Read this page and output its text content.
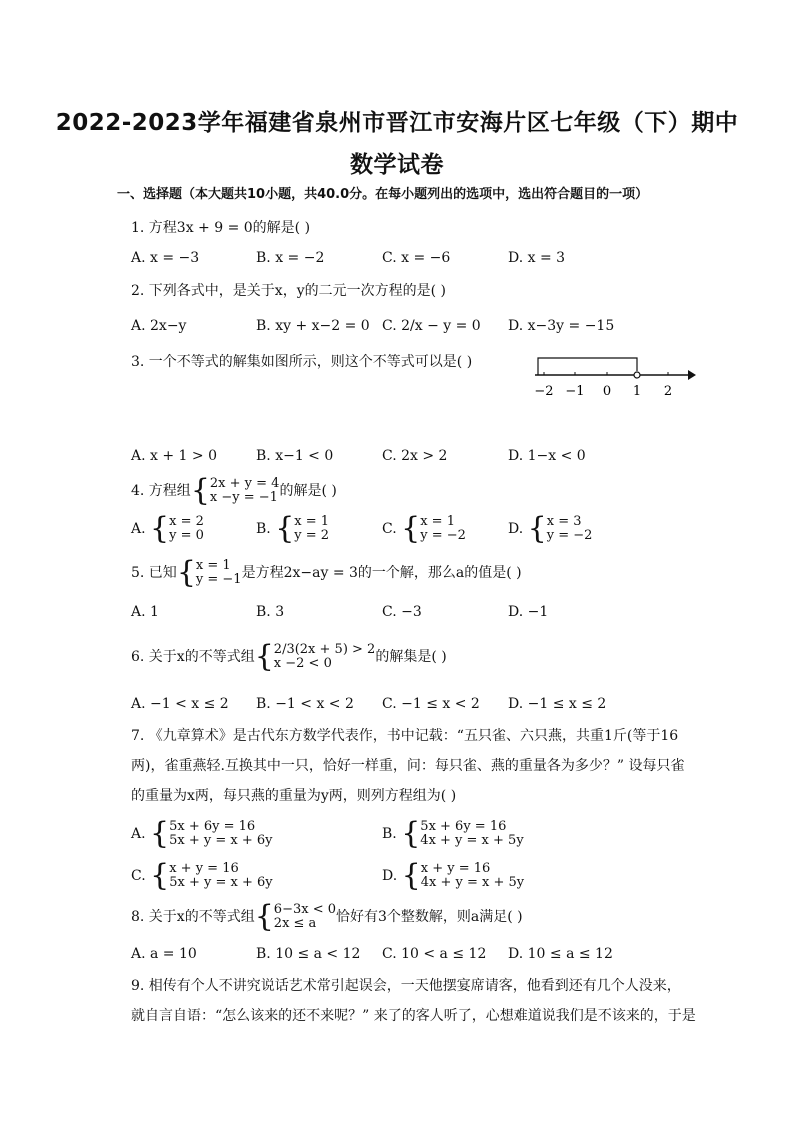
2022-2023学年福建省泉州市晋江市安海片区七年级（下）期中
数学试卷
一、选择题（本大题共10小题，共40.0分。在每小题列出的选项中，选出符合题目的一项）
1. 方程3x + 9 = 0的解是( )
A. x = −3	B. x = −2	C. x = −6	D. x = 3
2. 下列各式中，是关于x，y的二元一次方程的是( )
A. 2x−y	B. xy + x−2 = 0 C. 2/x − y = 0 D. x−3y = −15
3. 一个不等式的解集如图所示，则这个不等式可以是( )
−2 −1 0 1 2
A. x + 1 > 0	B. x−1 < 0	C. 2x > 2	D. 1−x < 0
4. 方程组{2x + y = 4
x −y = −1 的解是( )
A. {x = 2
y = 0	B. {x = 1
y = 2	C. {x = 1
y = −2	D. {x = 3
y = −2
5. 已知{x = 1
y = −1是方程2x−ay = 3的一个解，那么a的值是( )
A. 1	B. 3	C. −3	D. −1
6. 关于x的不等式组{2/3(2x + 5) > 2
x −2 < 0	的解集是( )
A. −1 < x ≤ 2 B. −1 < x < 2 C. −1 ≤ x < 2 D. −1 ≤ x ≤ 2
7. 《九章算术》是古代东方数学代表作，书中记载：“五只雀、六只燕，共重1斤(等于16
两)，雀重燕轻.互换其中一只，恰好一样重，问：每只雀、燕的重量各为多少？” 设每只雀
的重量为x两，每只燕的重量为y两，则列方程组为( )
A. {5x + 6y = 16
5x + y = x + 6y	B. {5x + 6y = 16
4x + y = x + 5y
C. {x + y = 16
5x + y = x + 6y	D. {x + y = 16
4x + y = x + 5y
8. 关于x的不等式组{6−3x < 0
2x ≤ a 恰好有3个整数解，则a满足( )
A. a = 10	B. 10 ≤ a < 12 C. 10 < a ≤ 12 D. 10 ≤ a ≤ 12
9. 相传有个人不讲究说话艺术常引起误会，一天他摆宴席请客，他看到还有几个人没来，
就自言自语：“怎么该来的还不来呢？” 来了的客人听了，心想难道说我们是不该来的，于是
